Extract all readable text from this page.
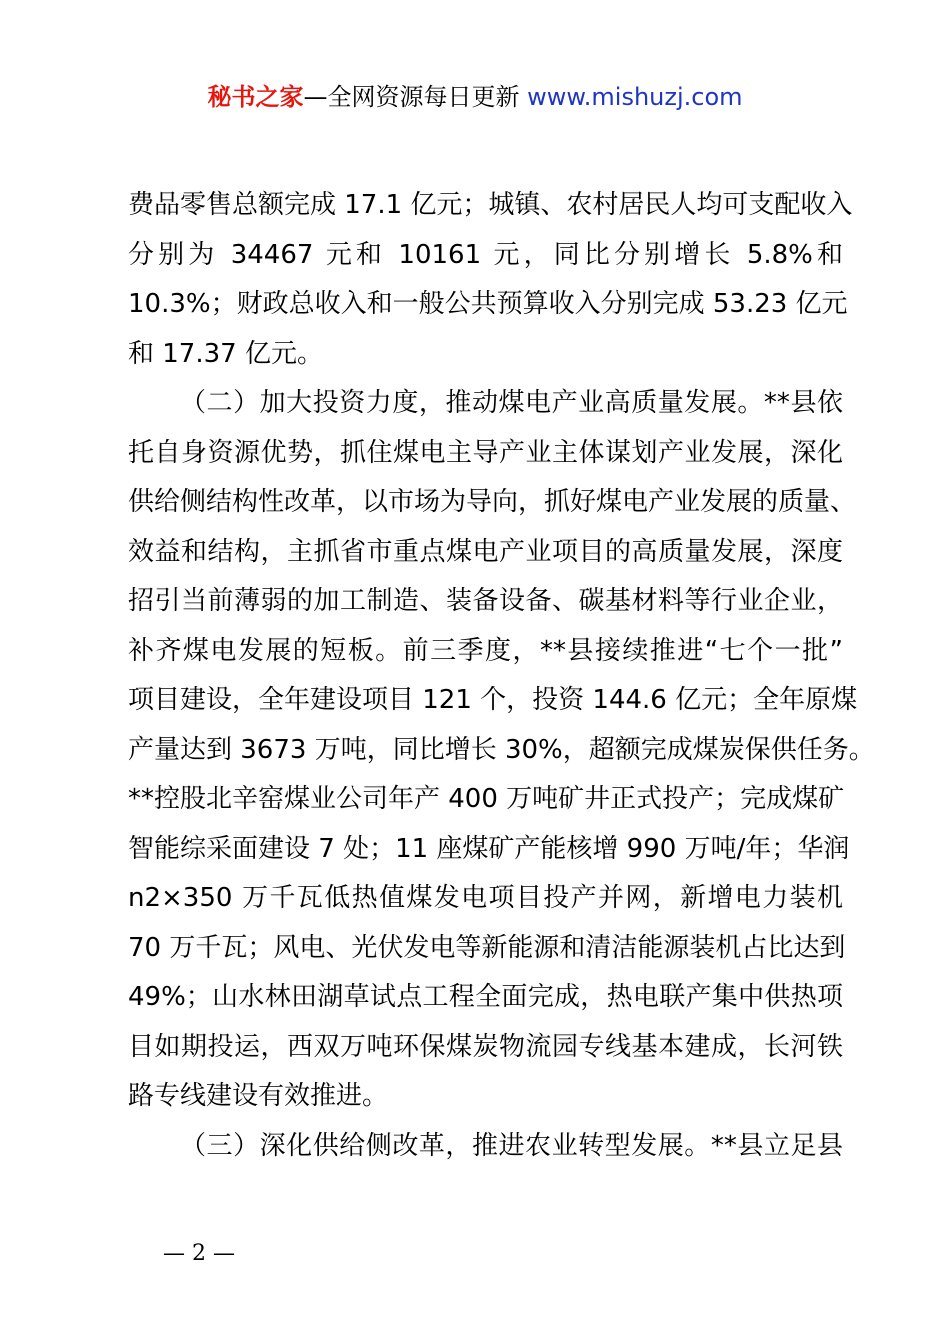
秘书之家—全网资源每日更新 www.mishuzj.com
费品零售总额完成 17.1 亿元；城镇、农村居民人均可支配收入
分别为 34467 元和 10161 元，同比分别增长 5.8%和
10.3%；财政总收入和一般公共预算收入分别完成 53.23 亿元
和 17.37 亿元。
（二）加大投资力度，推动煤电产业高质量发展。**县依
托自身资源优势，抓住煤电主导产业主体谋划产业发展，深化
供给侧结构性改革，以市场为导向，抓好煤电产业发展的质量、
效益和结构，主抓省市重点煤电产业项目的高质量发展，深度
招引当前薄弱的加工制造、装备设备、碳基材料等行业企业，
补齐煤电发展的短板。前三季度，**县接续推进“七个一批”
项目建设，全年建设项目 121 个，投资 144.6 亿元；全年原煤
产量达到 3673 万吨，同比增长 30%，超额完成煤炭保供任务。
**控股北辛窑煤业公司年产 400 万吨矿井正式投产；完成煤矿
智能综采面建设 7 处；11 座煤矿产能核增 990 万吨/年；华润
n2×350 万千瓦低热值煤发电项目投产并网，新增电力装机
70 万千瓦；风电、光伏发电等新能源和清洁能源装机占比达到
49%；山水林田湖草试点工程全面完成，热电联产集中供热项
目如期投运，西双万吨环保煤炭物流园专线基本建成，长河铁
路专线建设有效推进。
（三）深化供给侧改革，推进农业转型发展。**县立足县
— 2 —
